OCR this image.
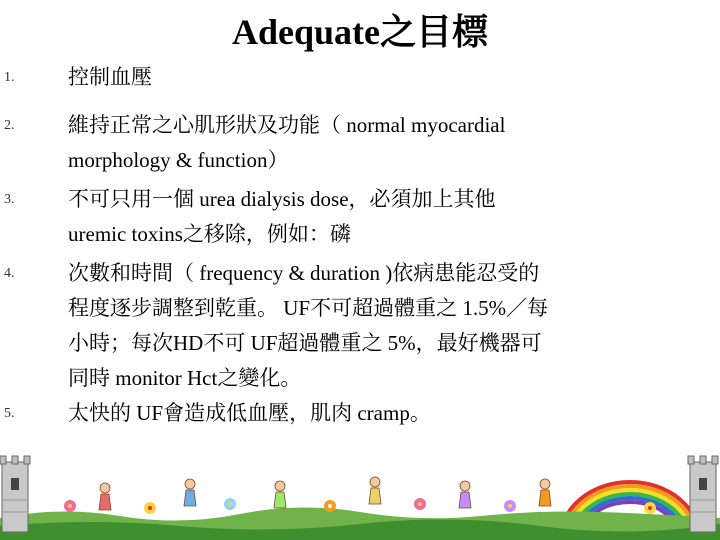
Adequate之目標
1.	控制血壓
2.	維持正常之心肌形狀及功能（ normal myocardial
morphology & function）
3.	不可只用一個 urea dialysis dose，必須加上其他
uremic toxins之移除，例如：磷
4.	次數和時間（ frequency & duration )依病患能忍受的
程度逐步調整到乾重。 UF不可超過體重之 1.5%／每
小時；每次HD不可 UF超過體重之 5%，最好機器可
同時 monitor Hct之變化。
5.	太快的 UF會造成低血壓，肌肉 cramp。
